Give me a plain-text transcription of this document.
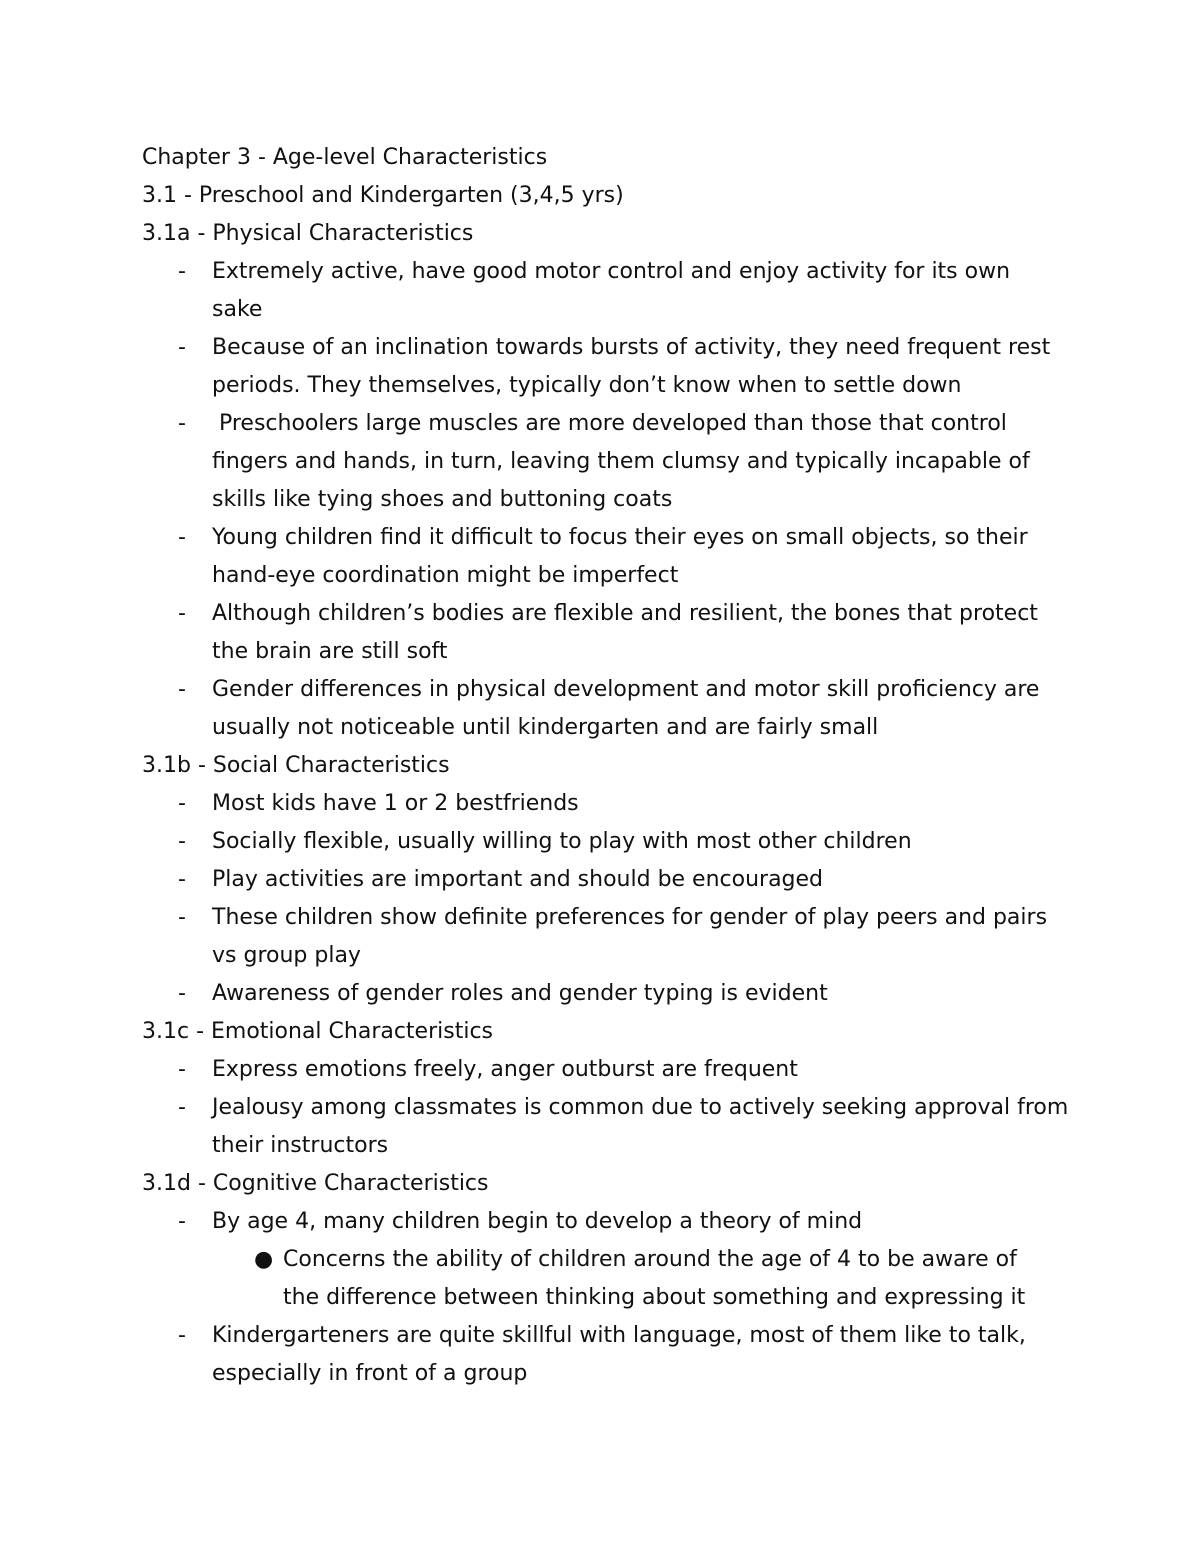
Chapter 3 - Age-level Characteristics
3.1 - Preschool and Kindergarten (3,4,5 yrs)
3.1a - Physical Characteristics
- Extremely active, have good motor control and enjoy activity for its own
sake
- Because of an inclination towards bursts of activity, they need frequent rest
periods. They themselves, typically don’t know when to settle down
- Preschoolers large muscles are more developed than those that control
fingers and hands, in turn, leaving them clumsy and typically incapable of
skills like tying shoes and buttoning coats
- Young children find it difficult to focus their eyes on small objects, so their
hand-eye coordination might be imperfect
- Although children’s bodies are flexible and resilient, the bones that protect
the brain are still soft
- Gender differences in physical development and motor skill proficiency are
usually not noticeable until kindergarten and are fairly small
3.1b - Social Characteristics
- Most kids have 1 or 2 bestfriends
- Socially flexible, usually willing to play with most other children
- Play activities are important and should be encouraged
- These children show definite preferences for gender of play peers and pairs
vs group play
- Awareness of gender roles and gender typing is evident
3.1c - Emotional Characteristics
- Express emotions freely, anger outburst are frequent
- Jealousy among classmates is common due to actively seeking approval from
their instructors
3.1d - Cognitive Characteristics
- By age 4, many children begin to develop a theory of mind
● Concerns the ability of children around the age of 4 to be aware of
the difference between thinking about something and expressing it
- Kindergarteners are quite skillful with language, most of them like to talk,
especially in front of a group
